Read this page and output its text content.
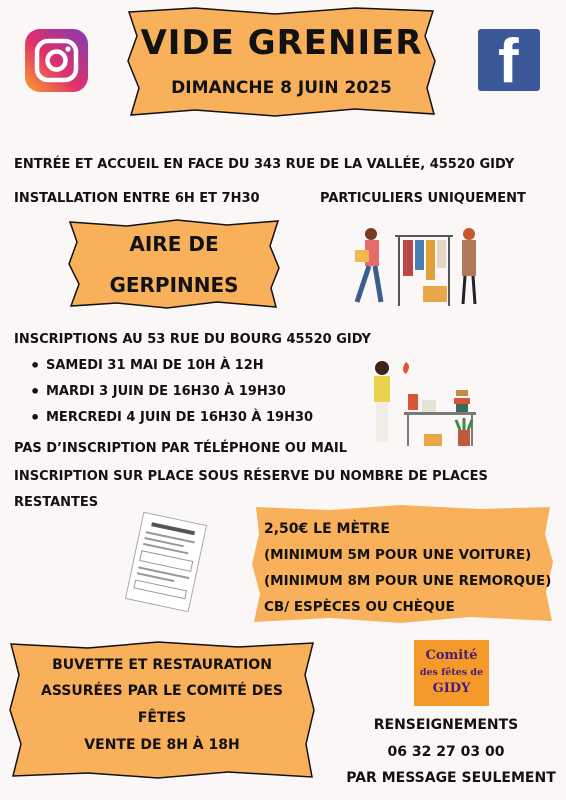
f
VIDE GRENIER
DIMANCHE 8 JUIN 2025
ENTRÉE ET ACCUEIL EN FACE DU 343 RUE DE LA VALLÉE, 45520 GIDY
INSTALLATION ENTRE 6H ET 7H30	PARTICULIERS UNIQUEMENT
AIRE DE
GERPINNES
INSCRIPTIONS AU 53 RUE DU BOURG 45520 GIDY
• SAMEDI 31 MAI DE 10H À 12H
• MARDI 3 JUIN DE 16H30 À 19H30
• MERCREDI 4 JUIN DE 16H30 À 19H30
PAS D’INSCRIPTION PAR TÉLÉPHONE OU MAIL
INSCRIPTION SUR PLACE SOUS RÉSERVE DU NOMBRE DE PLACES
RESTANTES
2,50€ LE MÈTRE
(MINIMUM 5M POUR UNE VOITURE)
(MINIMUM 8M POUR UNE REMORQUE)
CB/ ESPÈCES OU CHÈQUE
BUVETTE ET RESTAURATION
ASSURÉES PAR LE COMITÉ DES
FÊTES
VENTE DE 8H À 18H
Comité
des fêtes de
GIDY
RENSEIGNEMENTS
06 32 27 03 00
PAR MESSAGE SEULEMENT
